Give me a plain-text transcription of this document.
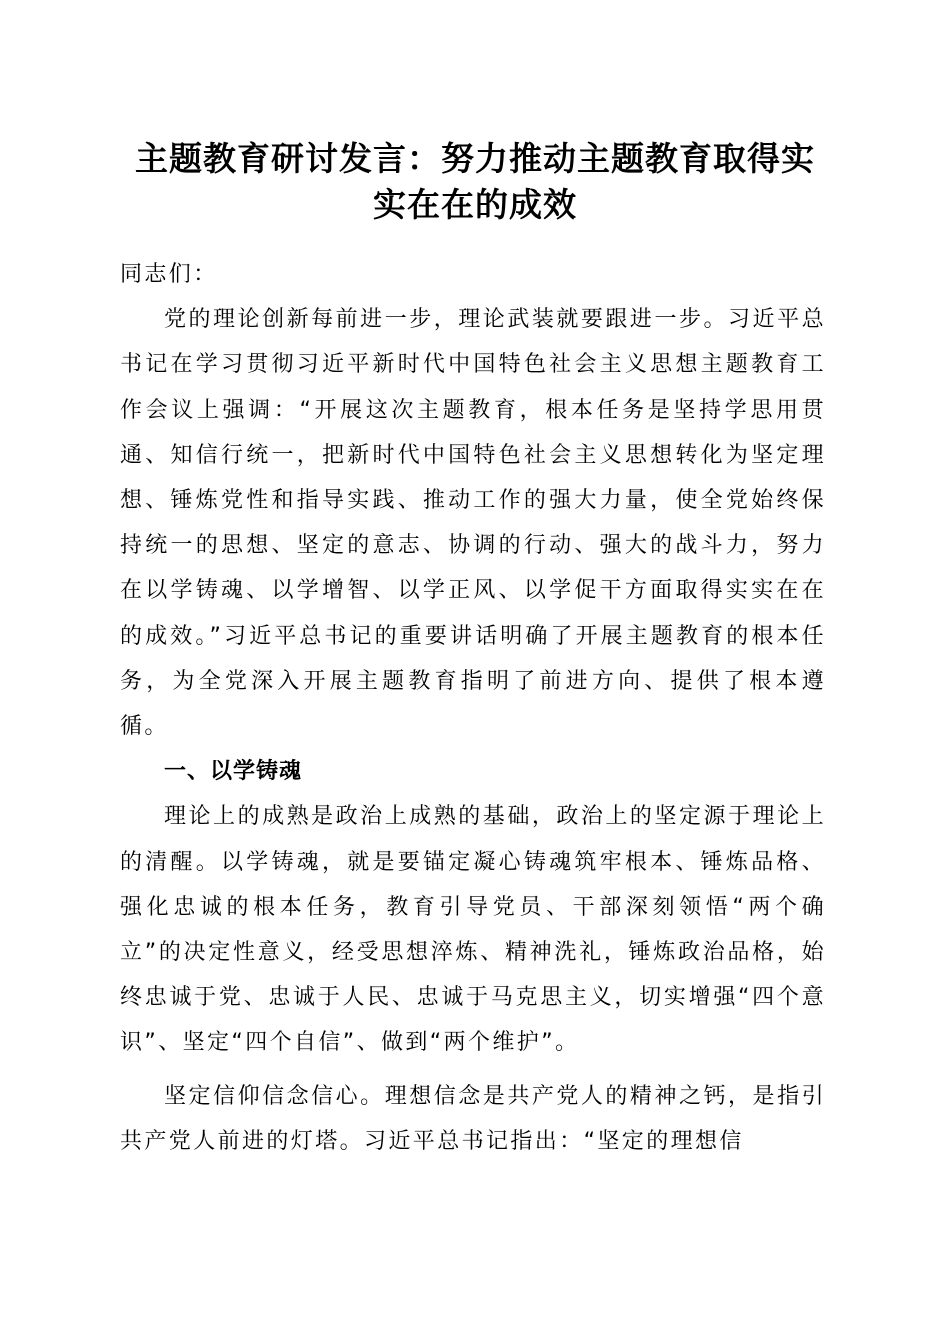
主题教育研讨发言：努力推动主题教育取得实
实在在的成效

同志们：

党的理论创新每前进一步，理论武装就要跟进一步。习近平总书记在学习贯彻习近平新时代中国特色社会主义思想主题教育工作会议上强调：“开展这次主题教育，根本任务是坚持学思用贯通、知信行统一，把新时代中国特色社会主义思想转化为坚定理想、锤炼党性和指导实践、推动工作的强大力量，使全党始终保持统一的思想、坚定的意志、协调的行动、强大的战斗力，努力在以学铸魂、以学增智、以学正风、以学促干方面取得实实在在的成效。”习近平总书记的重要讲话明确了开展主题教育的根本任务，为全党深入开展主题教育指明了前进方向、提供了根本遵循。

一、以学铸魂

理论上的成熟是政治上成熟的基础，政治上的坚定源于理论上的清醒。以学铸魂，就是要锚定凝心铸魂筑牢根本、锤炼品格、强化忠诚的根本任务，教育引导党员、干部深刻领悟“两个确立”的决定性意义，经受思想淬炼、精神洗礼，锤炼政治品格，始终忠诚于党、忠诚于人民、忠诚于马克思主义，切实增强“四个意识”、坚定“四个自信”、做到“两个维护”。

坚定信仰信念信心。理想信念是共产党人的精神之钙，是指引共产党人前进的灯塔。习近平总书记指出：“坚定的理想信
